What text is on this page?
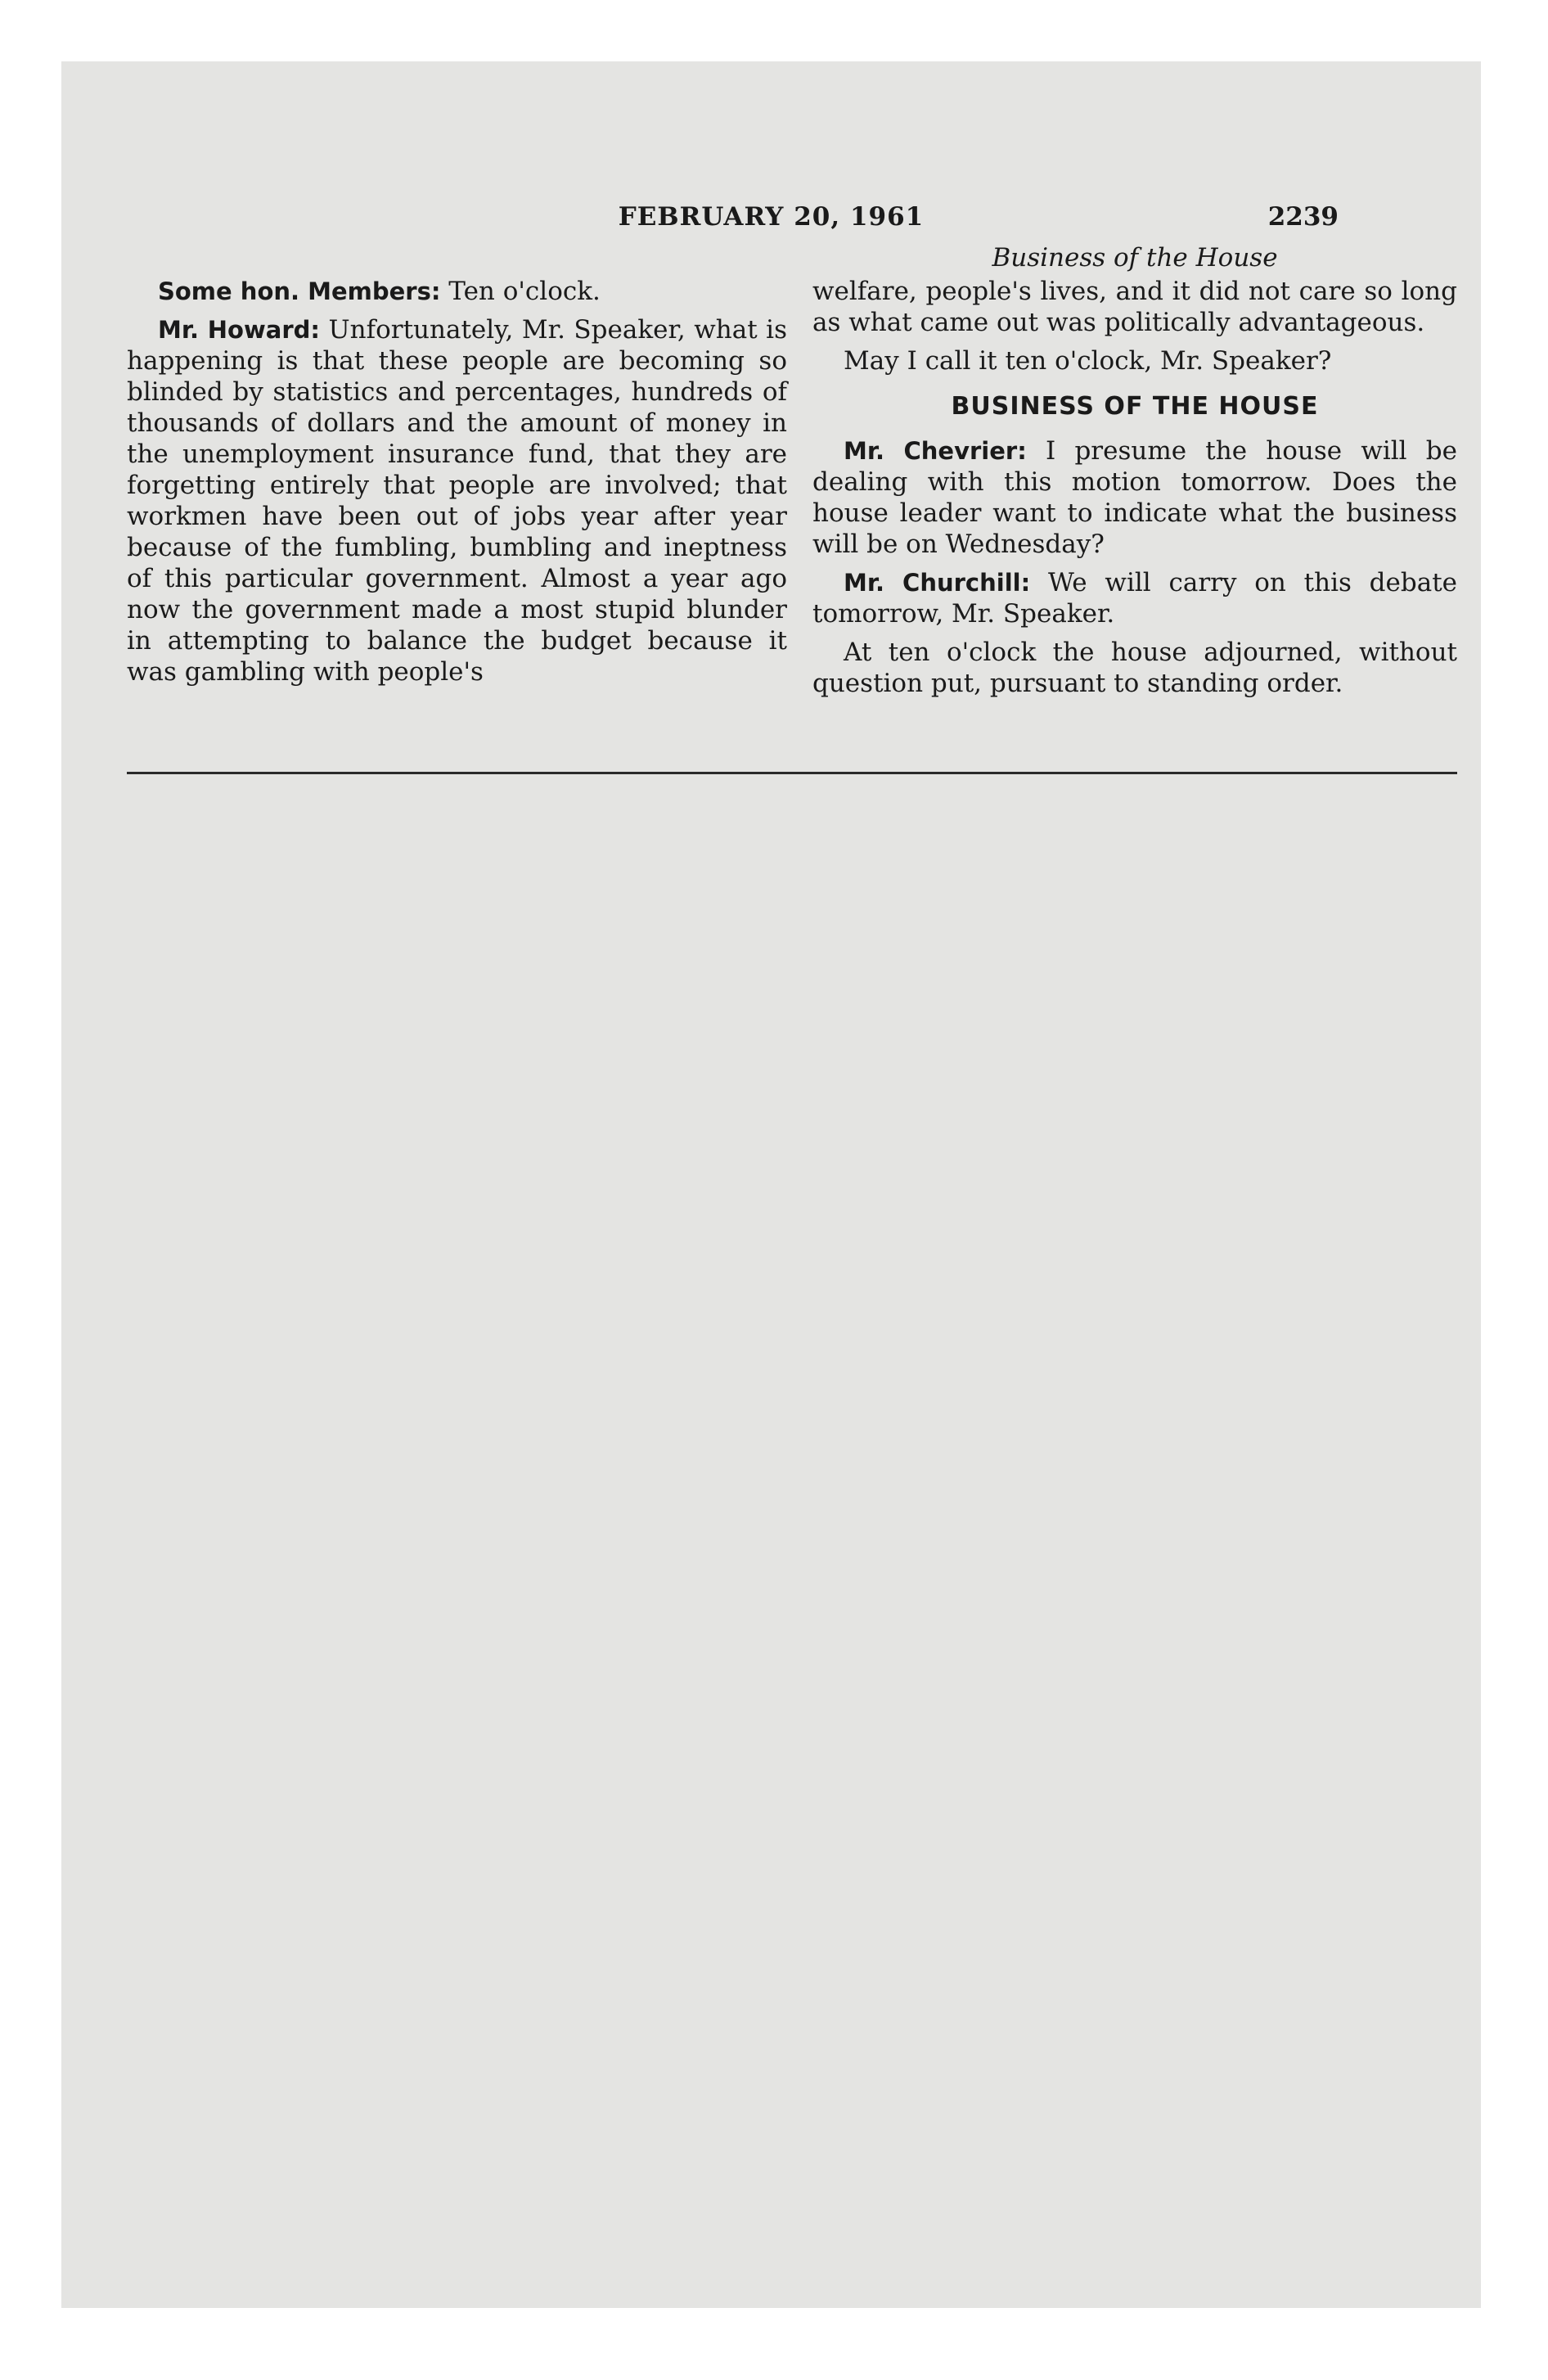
FEBRUARY 20, 1961	2239
Business of the House

Some hon. Members: Ten o'clock.

Mr. Howard: Unfortunately, Mr. Speaker, what is happening is that these people are becoming so blinded by statistics and percentages, hundreds of thousands of dollars and the amount of money in the unemployment insurance fund, that they are forgetting entirely that people are involved; that workmen have been out of jobs year after year because of the fumbling, bumbling and ineptness of this particular government. Almost a year ago now the government made a most stupid blunder in attempting to balance the budget because it was gambling with people's

welfare, people's lives, and it did not care so long as what came out was politically advantageous.

May I call it ten o'clock, Mr. Speaker?

BUSINESS OF THE HOUSE

Mr. Chevrier: I presume the house will be dealing with this motion tomorrow. Does the house leader want to indicate what the business will be on Wednesday?

Mr. Churchill: We will carry on this debate tomorrow, Mr. Speaker.

At ten o'clock the house adjourned, without question put, pursuant to standing order.
